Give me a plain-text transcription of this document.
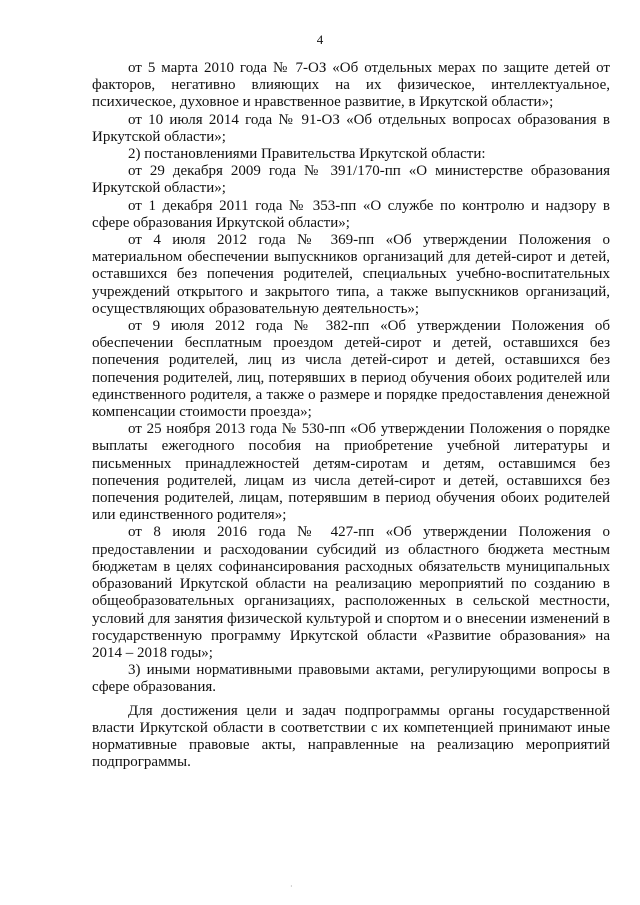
4

от 5 марта 2010 года № 7-ОЗ «Об отдельных мерах по защите детей от факторов, негативно влияющих на их физическое, интеллектуальное, психическое, духовное и нравственное развитие, в Иркутской области»;

от 10 июля 2014 года № 91-ОЗ «Об отдельных вопросах образования в Иркутской области»;

2) постановлениями Правительства Иркутской области:

от 29 декабря 2009 года № 391/170-пп «О министерстве образования Иркутской области»;

от 1 декабря 2011 года № 353-пп «О службе по контролю и надзору в сфере образования Иркутской области»;

от 4 июля 2012 года № 369-пп «Об утверждении Положения о материальном обеспечении выпускников организаций для детей-сирот и детей, оставшихся без попечения родителей, специальных учебно-воспитательных учреждений открытого и закрытого типа, а также выпускников организаций, осуществляющих образовательную деятельность»;

от 9 июля 2012 года № 382-пп «Об утверждении Положения об обеспечении бесплатным проездом детей-сирот и детей, оставшихся без попечения родителей, лиц из числа детей-сирот и детей, оставшихся без попечения родителей, лиц, потерявших в период обучения обоих родителей или единственного родителя, а также о размере и порядке предоставления денежной компенсации стоимости проезда»;

от 25 ноября 2013 года № 530-пп «Об утверждении Положения о порядке выплаты ежегодного пособия на приобретение учебной литературы и письменных принадлежностей детям-сиротам и детям, оставшимся без попечения родителей, лицам из числа детей-сирот и детей, оставшихся без попечения родителей, лицам, потерявшим в период обучения обоих родителей или единственного родителя»;

от 8 июля 2016 года № 427-пп «Об утверждении Положения о предоставлении и расходовании субсидий из областного бюджета местным бюджетам в целях софинансирования расходных обязательств муниципальных образований Иркутской области на реализацию мероприятий по созданию в общеобразовательных организациях, расположенных в сельской местности, условий для занятия физической культурой и спортом и о внесении изменений в государственную программу Иркутской области «Развитие образования» на 2014 – 2018 годы»;

3) иными нормативными правовыми актами, регулирующими вопросы в сфере образования.

Для достижения цели и задач подпрограммы органы государственной власти Иркутской области в соответствии с их компетенцией принимают иные нормативные правовые акты, направленные на реализацию мероприятий подпрограммы.

·
